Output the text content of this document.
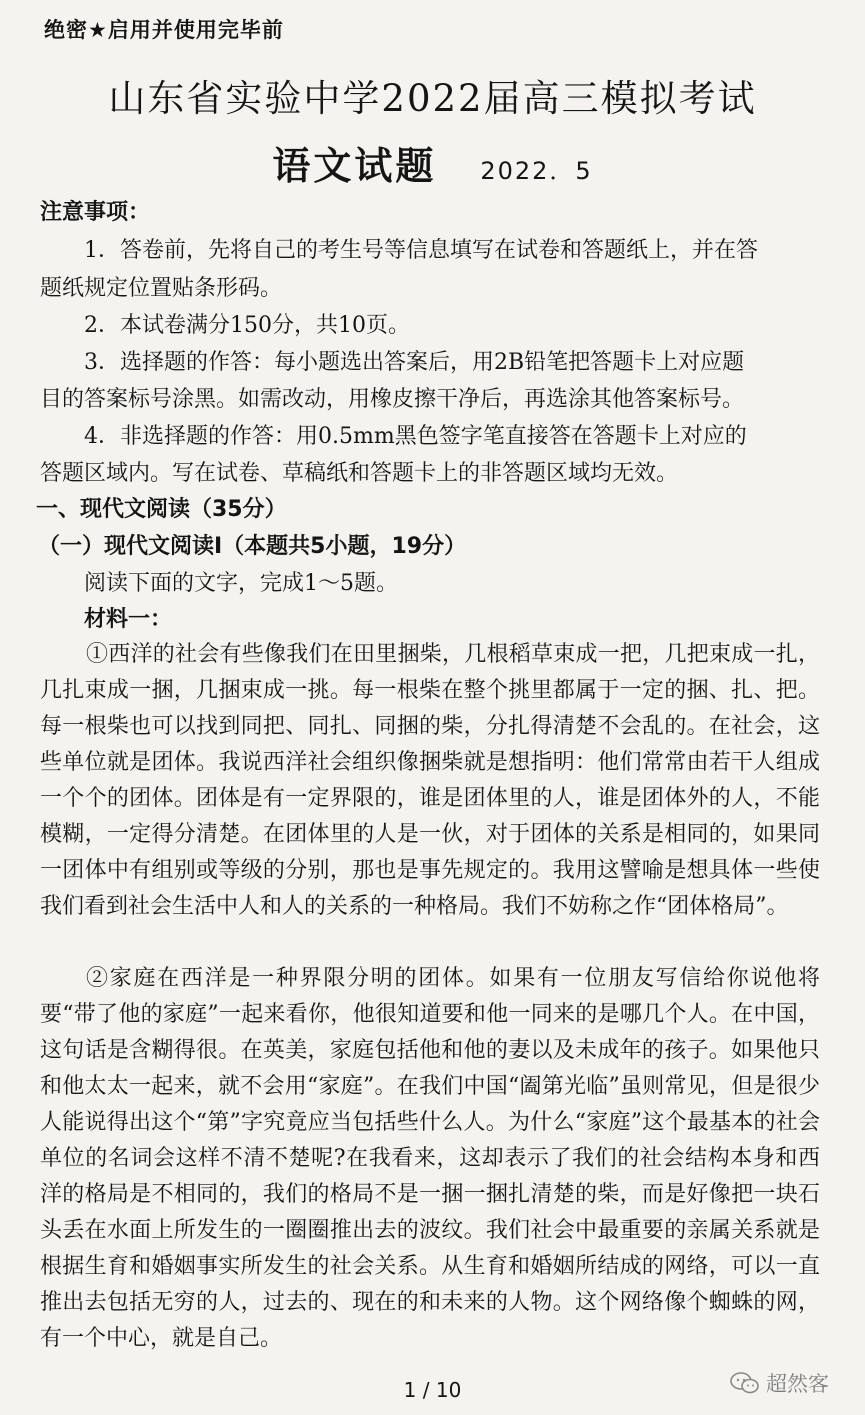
绝密★启用并使用完毕前
山东省实验中学2022届高三模拟考试
语文试题 2022．5
注意事项：
1．答卷前，先将自己的考生号等信息填写在试卷和答题纸上，并在答
题纸规定位置贴条形码。
2．本试卷满分150分，共10页。
3．选择题的作答：每小题选出答案后，用2B铅笔把答题卡上对应题
目的答案标号涂黑。如需改动，用橡皮擦干净后，再选涂其他答案标号。
4．非选择题的作答：用0.5mm黑色签字笔直接答在答题卡上对应的
答题区域内。写在试卷、草稿纸和答题卡上的非答题区域均无效。
一、现代文阅读（35分）
（一）现代文阅读Ⅰ（本题共5小题，19分）
阅读下面的文字，完成1～5题。
材料一：

①西洋的社会有些像我们在田里捆柴，几根稻草束成一把，几把束成一扎，几扎束成一捆，几捆束成一挑。每一根柴在整个挑里都属于一定的捆、扎、把。每一根柴也可以找到同把、同扎、同捆的柴，分扎得清楚不会乱的。在社会，这些单位就是团体。我说西洋社会组织像捆柴就是想指明：他们常常由若干人组成一个个的团体。团体是有一定界限的，谁是团体里的人，谁是团体外的人，不能模糊，一定得分清楚。在团体里的人是一伙，对于团体的关系是相同的，如果同一团体中有组别或等级的分别，那也是事先规定的。我用这譬喻是想具体一些使我们看到社会生活中人和人的关系的一种格局。我们不妨称之作“团体格局”。

②家庭在西洋是一种界限分明的团体。如果有一位朋友写信给你说他将要“带了他的家庭”一起来看你，他很知道要和他一同来的是哪几个人。在中国，这句话是含糊得很。在英美，家庭包括他和他的妻以及未成年的孩子。如果他只和他太太一起来，就不会用“家庭”。在我们中国“阖第光临”虽则常见，但是很少人能说得出这个“第”字究竟应当包括些什么人。为什么“家庭”这个最基本的社会单位的名词会这样不清不楚呢?在我看来，这却表示了我们的社会结构本身和西洋的格局是不相同的，我们的格局不是一捆一捆扎清楚的柴，而是好像把一块石头丢在水面上所发生的一圈圈推出去的波纹。我们社会中最重要的亲属关系就是根据生育和婚姻事实所发生的社会关系。从生育和婚姻所结成的网络，可以一直推出去包括无穷的人，过去的、现在的和未来的人物。这个网络像个蜘蛛的网，有一个中心，就是自己。

1 / 10	超然客
